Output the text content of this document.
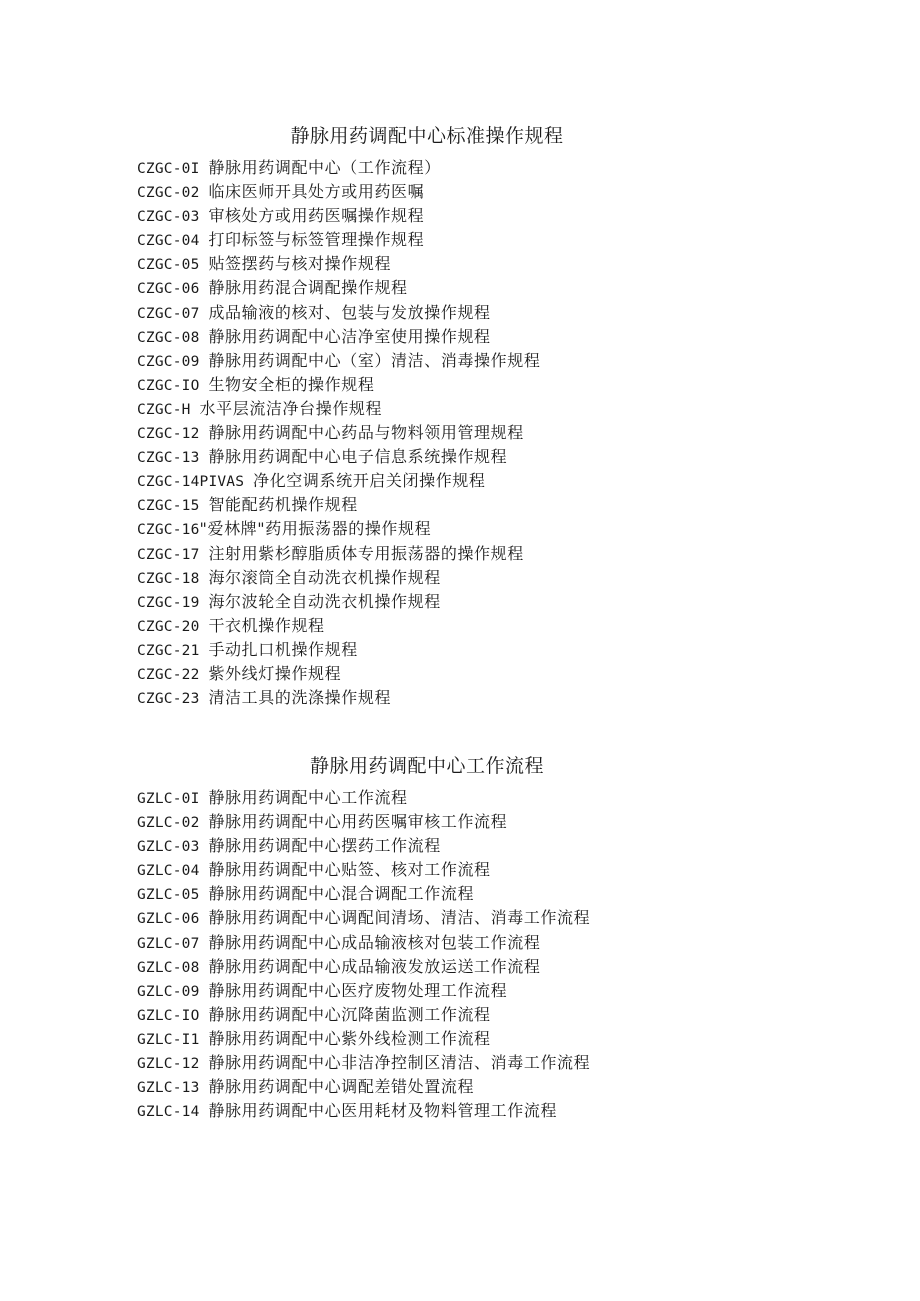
静脉用药调配中心标准操作规程
CZGC-0I 静脉用药调配中心（工作流程）
CZGC-02 临床医师开具处方或用药医嘱
CZGC-03 审核处方或用药医嘱操作规程
CZGC-04 打印标签与标签管理操作规程
CZGC-05 贴签摆药与核对操作规程
CZGC-06 静脉用药混合调配操作规程
CZGC-07 成品输液的核对、包装与发放操作规程
CZGC-08 静脉用药调配中心洁净室使用操作规程
CZGC-09 静脉用药调配中心（室）清洁、消毒操作规程
CZGC-IO 生物安全柜的操作规程
CZGC-H 水平层流洁净台操作规程
CZGC-12 静脉用药调配中心药品与物料领用管理规程
CZGC-13 静脉用药调配中心电子信息系统操作规程
CZGC-14PIVAS 净化空调系统开启关闭操作规程
CZGC-15 智能配药机操作规程
CZGC-16"爱林牌"药用振荡器的操作规程
CZGC-17 注射用紫杉醇脂质体专用振荡器的操作规程
CZGC-18 海尔滚筒全自动洗衣机操作规程
CZGC-19 海尔波轮全自动洗衣机操作规程
CZGC-20 干衣机操作规程
CZGC-21 手动扎口机操作规程
CZGC-22 紫外线灯操作规程
CZGC-23 清洁工具的洗涤操作规程
静脉用药调配中心工作流程
GZLC-0I 静脉用药调配中心工作流程
GZLC-02 静脉用药调配中心用药医嘱审核工作流程
GZLC-03 静脉用药调配中心摆药工作流程
GZLC-04 静脉用药调配中心贴签、核对工作流程
GZLC-05 静脉用药调配中心混合调配工作流程
GZLC-06 静脉用药调配中心调配间清场、清洁、消毒工作流程
GZLC-07 静脉用药调配中心成品输液核对包装工作流程
GZLC-08 静脉用药调配中心成品输液发放运送工作流程
GZLC-09 静脉用药调配中心医疗废物处理工作流程
GZLC-IO 静脉用药调配中心沉降菌监测工作流程
GZLC-I1 静脉用药调配中心紫外线检测工作流程
GZLC-12 静脉用药调配中心非洁净控制区清洁、消毒工作流程
GZLC-13 静脉用药调配中心调配差错处置流程
GZLC-14 静脉用药调配中心医用耗材及物料管理工作流程
